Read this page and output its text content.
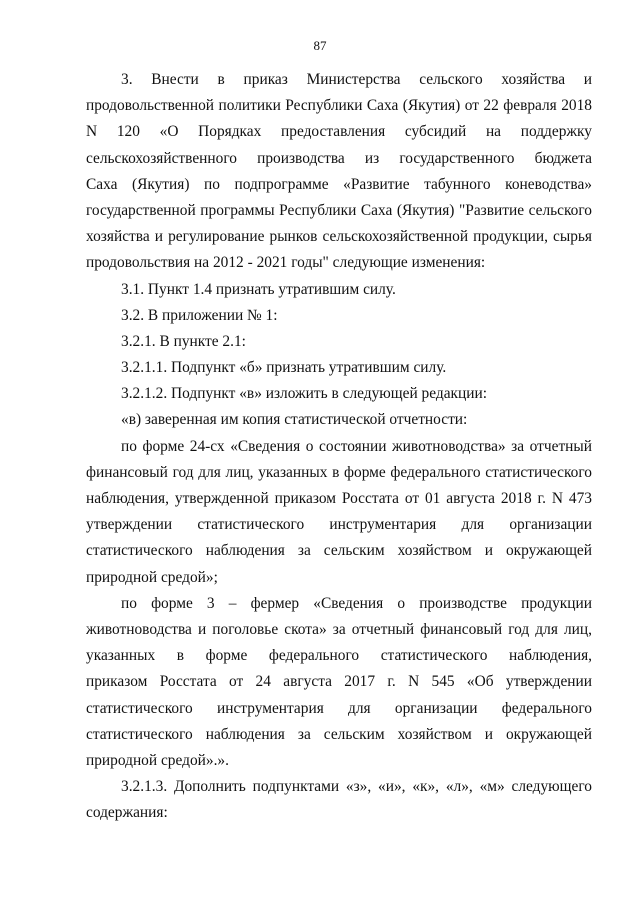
87
3. Внести в приказ Министерства сельского хозяйства и
продовольственной политики Республики Саха (Якутия) от 22 февраля 2018
N 120 «О Порядках предоставления субсидий на поддержку
сельскохозяйственного производства из государственного бюджета
Саха (Якутия) по подпрограмме «Развитие табунного коневодства»
государственной программы Республики Саха (Якутия) "Развитие сельского
хозяйства и регулирование рынков сельскохозяйственной продукции, сырья
продовольствия на 2012 - 2021 годы" следующие изменения:
3.1. Пункт 1.4 признать утратившим силу.
3.2. В приложении № 1:
3.2.1. В пункте 2.1:
3.2.1.1. Подпункт «б» признать утратившим силу.
3.2.1.2. Подпункт «в» изложить в следующей редакции:
«в) заверенная им копия статистической отчетности:
по форме 24-сх «Сведения о состоянии животноводства» за отчетный
финансовый год для лиц, указанных в форме федерального статистического
наблюдения, утвержденной приказом Росстата от 01 августа 2018 г. N 473
утверждении статистического инструментария для организации
статистического наблюдения за сельским хозяйством и окружающей
природной средой»;
по форме 3 – фермер «Сведения о производстве продукции
животноводства и поголовье скота» за отчетный финансовый год для лиц,
указанных в форме федерального статистического наблюдения,
приказом Росстата от 24 августа 2017 г. N 545 «Об утверждении
статистического инструментария для организации федерального
статистического наблюдения за сельским хозяйством и окружающей
природной средой».».
3.2.1.3. Дополнить подпунктами «з», «и», «к», «л», «м» следующего
содержания:
